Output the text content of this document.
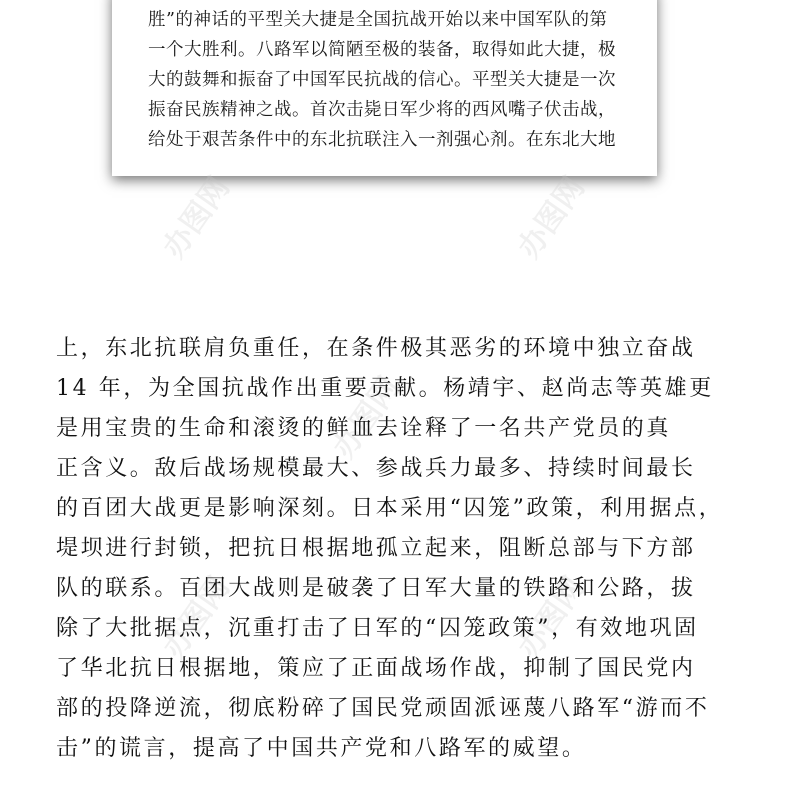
胜”的神话的平型关大捷是全国抗战开始以来中国军队的第
一个大胜利。八路军以简陋至极的装备，取得如此大捷，极
大的鼓舞和振奋了中国军民抗战的信心。平型关大捷是一次
振奋民族精神之战。首次击毙日军少将的西风嘴子伏击战，
给处于艰苦条件中的东北抗联注入一剂强心剂。在东北大地
办图网	办图网
办图网
办图网	办图网
上，东北抗联肩负重任，在条件极其恶劣的环境中独立奋战
14 年，为全国抗战作出重要贡献。杨靖宇、赵尚志等英雄更
是用宝贵的生命和滚烫的鲜血去诠释了一名共产党员的真
正含义。敌后战场规模最大、参战兵力最多、持续时间最长
的百团大战更是影响深刻。日本采用“囚笼”政策，利用据点，
堤坝进行封锁，把抗日根据地孤立起来，阻断总部与下方部
队的联系。百团大战则是破袭了日军大量的铁路和公路，拔
除了大批据点，沉重打击了日军的“囚笼政策”，有效地巩固
了华北抗日根据地，策应了正面战场作战，抑制了国民党内
部的投降逆流，彻底粉碎了国民党顽固派诬蔑八路军“游而不
击”的谎言，提高了中国共产党和八路军的威望。
